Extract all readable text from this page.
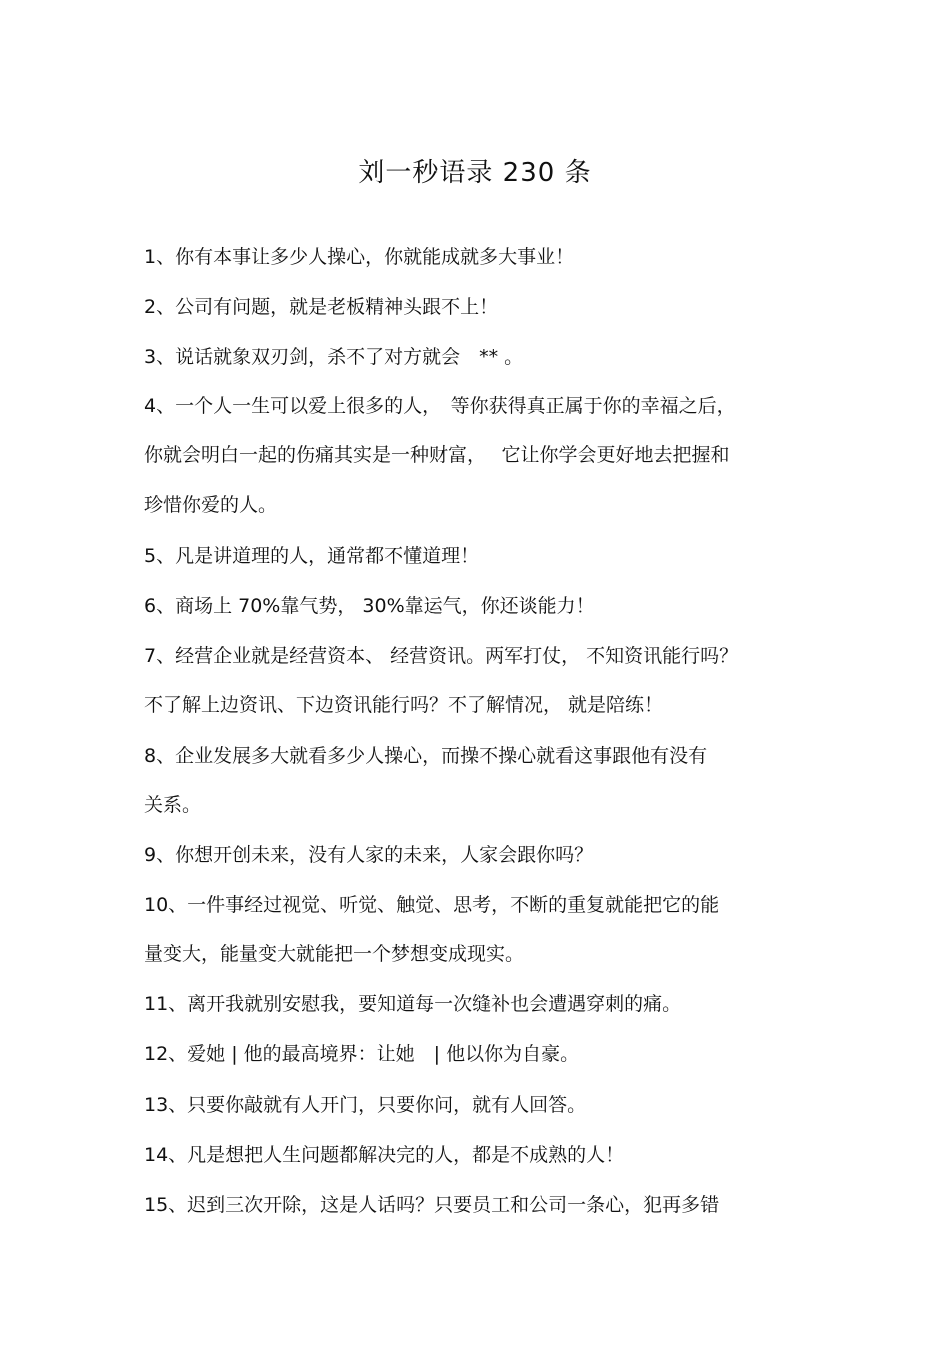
刘一秒语录 230 条

1、你有本事让多少人操心，你就能成就多大事业！

2、公司有问题，就是老板精神头跟不上！

3、说话就象双刃剑，杀不了对方就会　** 。

4、一个人一生可以爱上很多的人，　等你获得真正属于你的幸福之后，

你就会明白一起的伤痛其实是一种财富，　 它让你学会更好地去把握和

珍惜你爱的人。

5、凡是讲道理的人，通常都不懂道理！

6、商场上 70%靠气势， 30%靠运气，你还谈能力！

7、经营企业就是经营资本、 经营资讯。两军打仗， 不知资讯能行吗？

不了解上边资讯、下边资讯能行吗？不了解情况， 就是陪练！

8、企业发展多大就看多少人操心，而操不操心就看这事跟他有没有

关系。

9、你想开创未来，没有人家的未来，人家会跟你吗？

10、一件事经过视觉、听觉、触觉、思考，不断的重复就能把它的能

量变大，能量变大就能把一个梦想变成现实。

11、离开我就别安慰我，要知道每一次缝补也会遭遇穿刺的痛。

12、爱她 | 他的最高境界：让她　| 他以你为自豪。

13、只要你敲就有人开门，只要你问，就有人回答。

14、凡是想把人生问题都解决完的人，都是不成熟的人！

15、迟到三次开除，这是人话吗？只要员工和公司一条心，犯再多错
